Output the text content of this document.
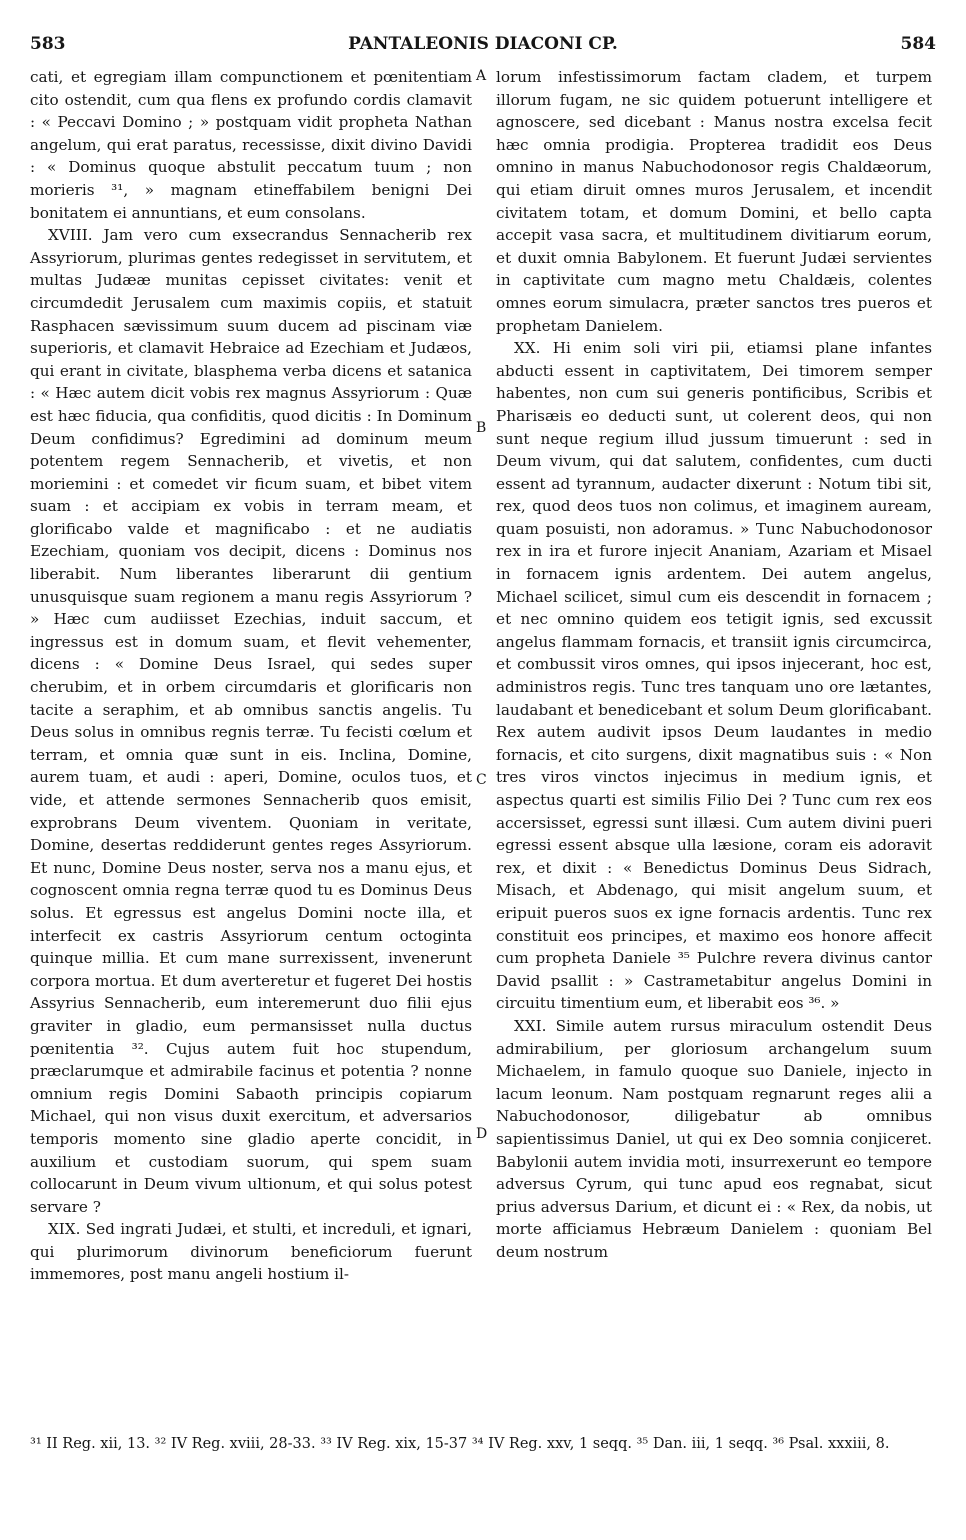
583	PANTALEONIS DIACONI CP.	584

cati, et egregiam illam compunctionem et pœnitentiam cito ostendit, cum qua flens ex profundo cordis clamavit : « Peccavi Domino ; » postquam vidit propheta Nathan angelum, qui erat paratus, recessisse, dixit divino Davidi : « Dominus quoque abstulit peccatum tuum ; non morieris ³¹, » magnam etineffabilem benigni Dei bonitatem ei annuntians, et eum consolans.

XVIII. Jam vero cum exsecrandus Sennacherib rex Assyriorum, plurimas gentes redegisset in servitutem, et multas Judææ munitas cepisset civitates: venit et circumdedit Jerusalem cum maximis copiis, et statuit Rasphacen sævissimum suum ducem ad piscinam viæ superioris, et clamavit Hebraice ad Ezechiam et Judæos, qui erant in civitate, blasphema verba dicens et satanica : « Hæc autem dicit vobis rex magnus Assyriorum : Quæ est hæc fiducia, qua confiditis, quod dicitis : In Dominum Deum confidimus? Egredimini ad dominum meum potentem regem Sennacherib, et vivetis, et non moriemini : et comedet vir ficum suam, et bibet vitem suam : et accipiam ex vobis in terram meam, et glorificabo valde et magnificabo : et ne audiatis Ezechiam, quoniam vos decipit, dicens : Dominus nos liberabit. Num liberantes liberarunt dii gentium unusquisque suam regionem a manu regis Assyriorum ? » Hæc cum audiisset Ezechias, induit saccum, et ingressus est in domum suam, et flevit vehementer, dicens : « Domine Deus Israel, qui sedes super cherubim, et in orbem circumdaris et glorificaris non tacite a seraphim, et ab omnibus sanctis angelis. Tu Deus solus in omnibus regnis terræ. Tu fecisti cœlum et terram, et omnia quæ sunt in eis. Inclina, Domine, aurem tuam, et audi : aperi, Domine, oculos tuos, et vide, et attende sermones Sennacherib quos emisit, exprobrans Deum viventem. Quoniam in veritate, Domine, desertas reddiderunt gentes reges Assyriorum. Et nunc, Domine Deus noster, serva nos a manu ejus, et cognoscent omnia regna terræ quod tu es Dominus Deus solus. Et egressus est angelus Domini nocte illa, et interfecit ex castris Assyriorum centum octoginta quinque millia. Et cum mane surrexissent, invenerunt corpora mortua. Et dum averteretur et fugeret Dei hostis Assyrius Sennacherib, eum interemerunt duo filii ejus graviter in gladio, eum permansisset nulla ductus pœnitentia ³². Cujus autem fuit hoc stupendum, præclarumque et admirabile facinus et potentia ? nonne omnium regis Domini Sabaoth principis copiarum Michael, qui non visus duxit exercitum, et adversarios temporis momento sine gladio aperte concidit, in auxilium et custodiam suorum, qui spem suam collocarunt in Deum vivum ultionum, et qui solus potest servare ?

XIX. Sed ingrati Judæi, et stulti, et increduli, et ignari, qui plurimorum divinorum beneficiorum fuerunt immemores, post manu angeli hostium il-

A
B
C
D

lorum infestissimorum factam cladem, et turpem illorum fugam, ne sic quidem potuerunt intelligere et agnoscere, sed dicebant : Manus nostra excelsa fecit hæc omnia prodigia. Propterea tradidit eos Deus omnino in manus Nabuchodonosor regis Chaldæorum, qui etiam diruit omnes muros Jerusalem, et incendit civitatem totam, et domum Domini, et bello capta accepit vasa sacra, et multitudinem divitiarum eorum, et duxit omnia Babylonem. Et fuerunt Judæi servientes in captivitate cum magno metu Chaldæis, colentes omnes eorum simulacra, præter sanctos tres pueros et prophetam Danielem.

XX. Hi enim soli viri pii, etiamsi plane infantes abducti essent in captivitatem, Dei timorem semper habentes, non cum sui generis pontificibus, Scribis et Pharisæis eo deducti sunt, ut colerent deos, qui non sunt neque regium illud jussum timuerunt : sed in Deum vivum, qui dat salutem, confidentes, cum ducti essent ad tyrannum, audacter dixerunt : Notum tibi sit, rex, quod deos tuos non colimus, et imaginem auream, quam posuisti, non adoramus. » Tunc Nabuchodonosor rex in ira et furore injecit Ananiam, Azariam et Misael in fornacem ignis ardentem. Dei autem angelus, Michael scilicet, simul cum eis descendit in fornacem ; et nec omnino quidem eos tetigit ignis, sed excussit angelus flammam fornacis, et transiit ignis circumcirca, et combussit viros omnes, qui ipsos injecerant, hoc est, administros regis. Tunc tres tanquam uno ore lætantes, laudabant et benedicebant et solum Deum glorificabant. Rex autem audivit ipsos Deum laudantes in medio fornacis, et cito surgens, dixit magnatibus suis : « Non tres viros vinctos injecimus in medium ignis, et aspectus quarti est similis Filio Dei ? Tunc cum rex eos accersisset, egressi sunt illæsi. Cum autem divini pueri egressi essent absque ulla læsione, coram eis adoravit rex, et dixit : « Benedictus Dominus Deus Sidrach, Misach, et Abdenago, qui misit angelum suum, et eripuit pueros suos ex igne fornacis ardentis. Tunc rex constituit eos principes, et maximo eos honore affecit cum propheta Daniele ³⁵ Pulchre revera divinus cantor David psallit : » Castrametabitur angelus Domini in circuitu timentium eum, et liberabit eos ³⁶. »

XXI. Simile autem rursus miraculum ostendit Deus admirabilium, per gloriosum archangelum suum Michaelem, in famulo quoque suo Daniele, injecto in lacum leonum. Nam postquam regnarunt reges alii a Nabuchodonosor, diligebatur ab omnibus sapientissimus Daniel, ut qui ex Deo somnia conjiceret. Babylonii autem invidia moti, insurrexerunt eo tempore adversus Cyrum, qui tunc apud eos regnabat, sicut prius adversus Darium, et dicunt ei : « Rex, da nobis, ut morte afficiamus Hebræum Danielem : quoniam Bel deum nostrum

³¹ II Reg. xii, 13. ³² IV Reg. xviii, 28-33. ³³ IV Reg. xix, 15-37 ³⁴ IV Reg. xxv, 1 seqq. ³⁵ Dan. iii, 1 seqq. ³⁶ Psal. xxxiii, 8.
